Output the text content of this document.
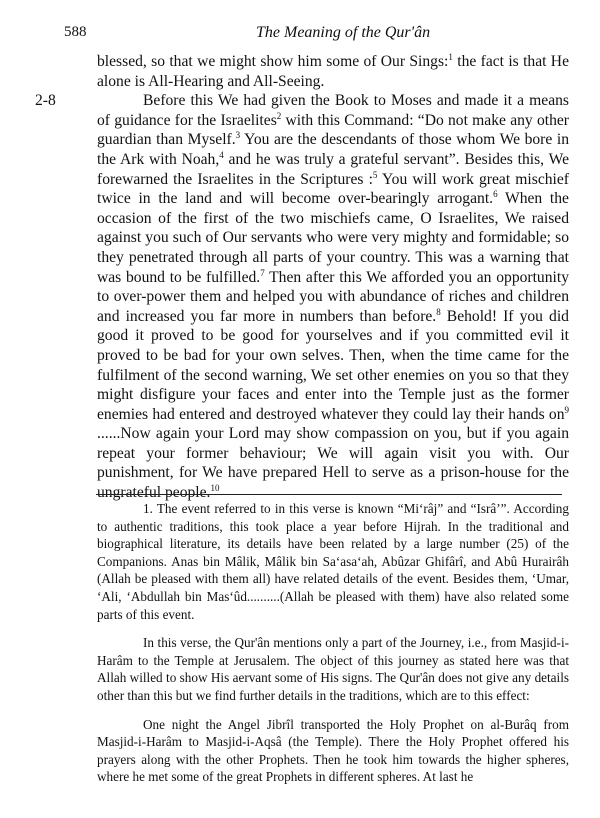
588	The Meaning of the Qur'ân

blessed, so that we might show him some of Our Sings:$^1$ the fact is that He alone is All-Hearing and All-Seeing.

2-8	Before this We had given the Book to Moses and made it a means of guidance for the Israelites$^2$ with this Command: “Do not make any other guardian than Myself.$^3$ You are the descendants of those whom We bore in the Ark with Noah,$^4$ and he was truly a grateful servant”. Besides this, We forewarned the Israelites in the Scriptures :$^5$ You will work great mischief twice in the land and will become over-bearingly arrogant.$^6$ When the occasion of the first of the two mischiefs came, O Israelites, We raised against you such of Our servants who were very mighty and formidable; so they penetrated through all parts of your country. This was a warning that was bound to be fulfilled.$^7$ Then after this We afforded you an opportunity to over-power them and helped you with abundance of riches and children and increased you far more in numbers than before.$^8$ Behold! If you did good it proved to be good for yourselves and if you committed evil it proved to be bad for your own selves. Then, when the time came for the fulfilment of the second warning, We set other enemies on you so that they might disfigure your faces and enter into the Temple just as the former enemies had entered and destroyed whatever they could lay their hands $on^9$ ......Now again your Lord may show compassion on you, but if you again repeat your former behaviour; We will again visit you with. Our punishment, for We have prepared Hell to serve as a prison-house for the ungrateful people.$^{10}$

1. The event referred to in this verse is known “Mi‘râj” and “Isrâ’”. According to authentic traditions, this took place a year before Hijrah. In the traditional and biographical literature, its details have been related by a large number (25) of the Companions. Anas bin Mâlik, Mâlik bin Sa‘asa‘ah, Abûzar Ghifârî, and Abû Hurairâh (Allah be pleased with them all) have related details of the event. Besides them, ‘Umar, ‘Ali, ‘Abdullah bin Mas‘ûd..........(Allah be pleased with them) have also related some parts of this event.

In this verse, the Qur'ân mentions only a part of the Journey, i.e., from Masjid-i-Harâm to the Temple at Jerusalem. The object of this journey as stated here was that Allah willed to show His aervant some of His signs. The Qur'ân does not give any details other than this but we find further details in the traditions, which are to this effect:

One night the Angel Jibrîl transported the Holy Prophet on al-Burâq from Masjid-i-Harâm to Masjid-i-Aqsâ (the Temple). There the Holy Prophet offered his prayers along with the other Prophets. Then he took him towards the higher spheres, where he met some of the great Prophets in different spheres. At last he
